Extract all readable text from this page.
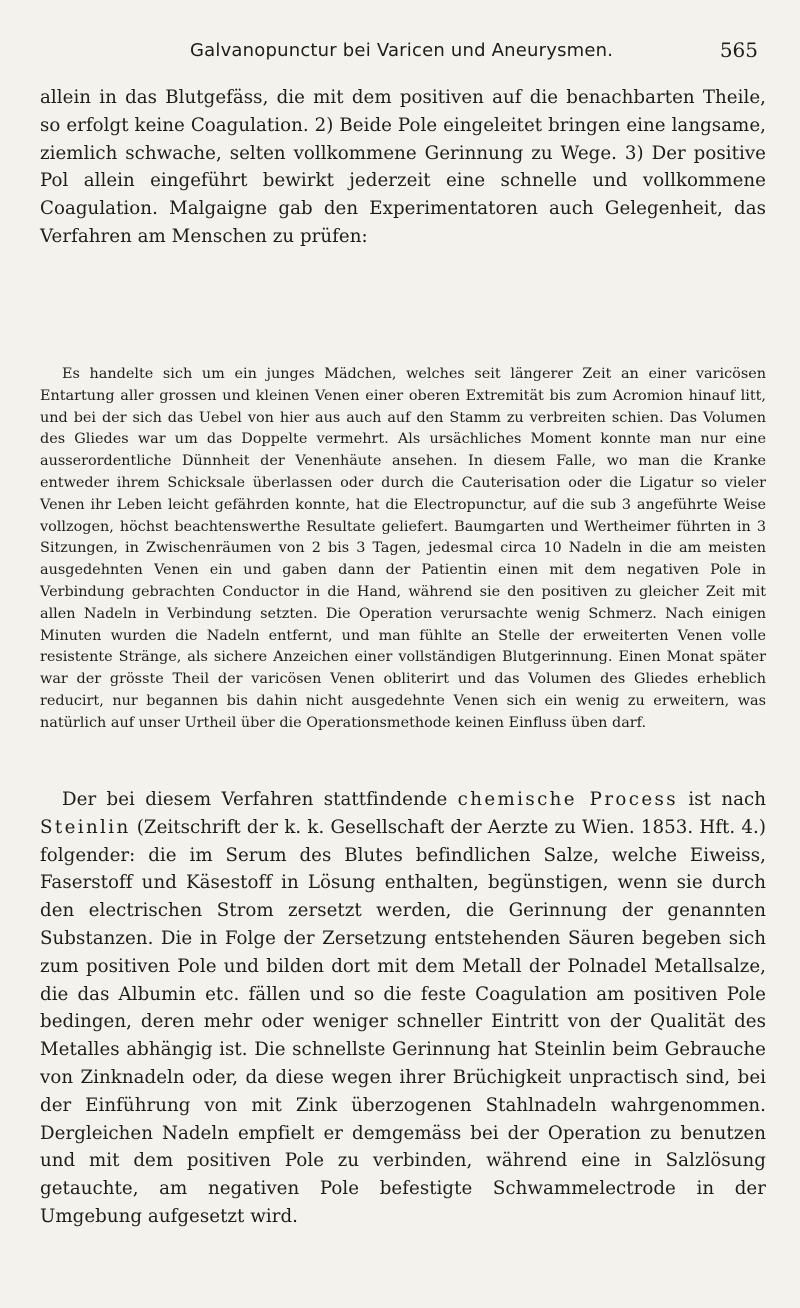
Galvanopunctur bei Varicen und Aneurysmen.	565

allein in das Blutgefäss, die mit dem positiven auf die benachbarten Theile, so erfolgt keine Coagulation. 2) Beide Pole eingeleitet bringen eine langsame, ziemlich schwache, selten vollkommene Gerinnung zu Wege. 3) Der positive Pol allein eingeführt bewirkt jederzeit eine schnelle und vollkommene Coagulation. Malgaigne gab den Experimentatoren auch Gelegenheit, das Verfahren am Menschen zu prüfen:

Es handelte sich um ein junges Mädchen, welches seit längerer Zeit an einer varicösen Entartung aller grossen und kleinen Venen einer oberen Extremität bis zum Acromion hinauf litt, und bei der sich das Uebel von hier aus auch auf den Stamm zu verbreiten schien. Das Volumen des Gliedes war um das Doppelte vermehrt. Als ursächliches Moment konnte man nur eine ausserordentliche Dünnheit der Venenhäute ansehen. In diesem Falle, wo man die Kranke entweder ihrem Schicksale überlassen oder durch die Cauterisation oder die Ligatur so vieler Venen ihr Leben leicht gefährden konnte, hat die Electropunctur, auf die sub 3 angeführte Weise vollzogen, höchst beachtenswerthe Resultate geliefert. Baumgarten und Wertheimer führten in 3 Sitzungen, in Zwischenräumen von 2 bis 3 Tagen, jedesmal circa 10 Nadeln in die am meisten ausgedehnten Venen ein und gaben dann der Patientin einen mit dem negativen Pole in Verbindung gebrachten Conductor in die Hand, während sie den positiven zu gleicher Zeit mit allen Nadeln in Verbindung setzten. Die Operation verursachte wenig Schmerz. Nach einigen Minuten wurden die Nadeln entfernt, und man fühlte an Stelle der erweiterten Venen volle resistente Stränge, als sichere Anzeichen einer vollständigen Blutgerinnung. Einen Monat später war der grösste Theil der varicösen Venen obliterirt und das Volumen des Gliedes erheblich reducirt, nur begannen bis dahin nicht ausgedehnte Venen sich ein wenig zu erweitern, was natürlich auf unser Urtheil über die Operationsmethode keinen Einfluss üben darf.

Der bei diesem Verfahren stattfindende chemische Process ist nach Steinlin (Zeitschrift der k. k. Gesellschaft der Aerzte zu Wien. 1853. Hft. 4.) folgender: die im Serum des Blutes befindlichen Salze, welche Eiweiss, Faserstoff und Käsestoff in Lösung enthalten, begünstigen, wenn sie durch den electrischen Strom zersetzt werden, die Gerinnung der genannten Substanzen. Die in Folge der Zersetzung entstehenden Säuren begeben sich zum positiven Pole und bilden dort mit dem Metall der Polnadel Metallsalze, die das Albumin etc. fällen und so die feste Coagulation am positiven Pole bedingen, deren mehr oder weniger schneller Eintritt von der Qualität des Metalles abhängig ist. Die schnellste Gerinnung hat Steinlin beim Gebrauche von Zinknadeln oder, da diese wegen ihrer Brüchigkeit unpractisch sind, bei der Einführung von mit Zink überzogenen Stahlnadeln wahrgenommen. Dergleichen Nadeln empfielt er demgemäss bei der Operation zu benutzen und mit dem positiven Pole zu verbinden, während eine in Salzlösung getauchte, am negativen Pole befestigte Schwammelectrode in der Umgebung aufgesetzt wird.
